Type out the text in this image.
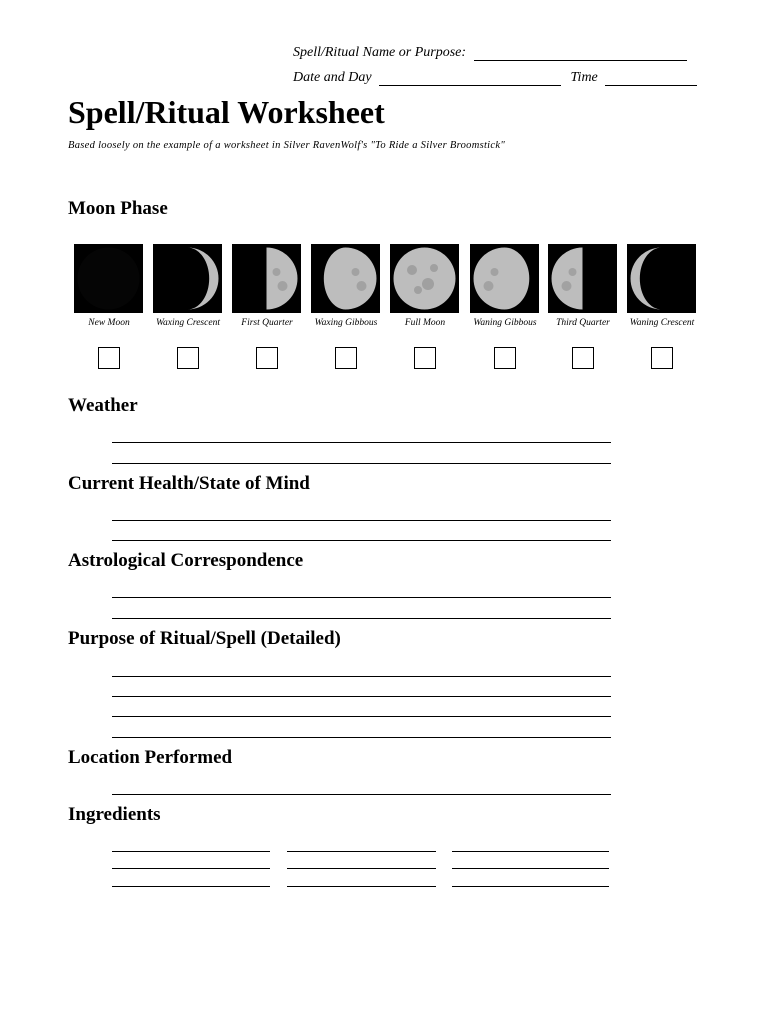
Spell/Ritual Name or Purpose:
Date and Day	Time
Spell/Ritual Worksheet
Based loosely on the example of a worksheet in Silver RavenWolf's "To Ride a Silver Broomstick"
Moon Phase
New Moon	Waxing Crescent	First Quarter	Waxing Gibbous	Full Moon	Waning Gibbous	Third Quarter	Waning Crescent
Weather
Current Health/State of Mind
Astrological Correspondence
Purpose of Ritual/Spell (Detailed)
Location Performed
Ingredients
